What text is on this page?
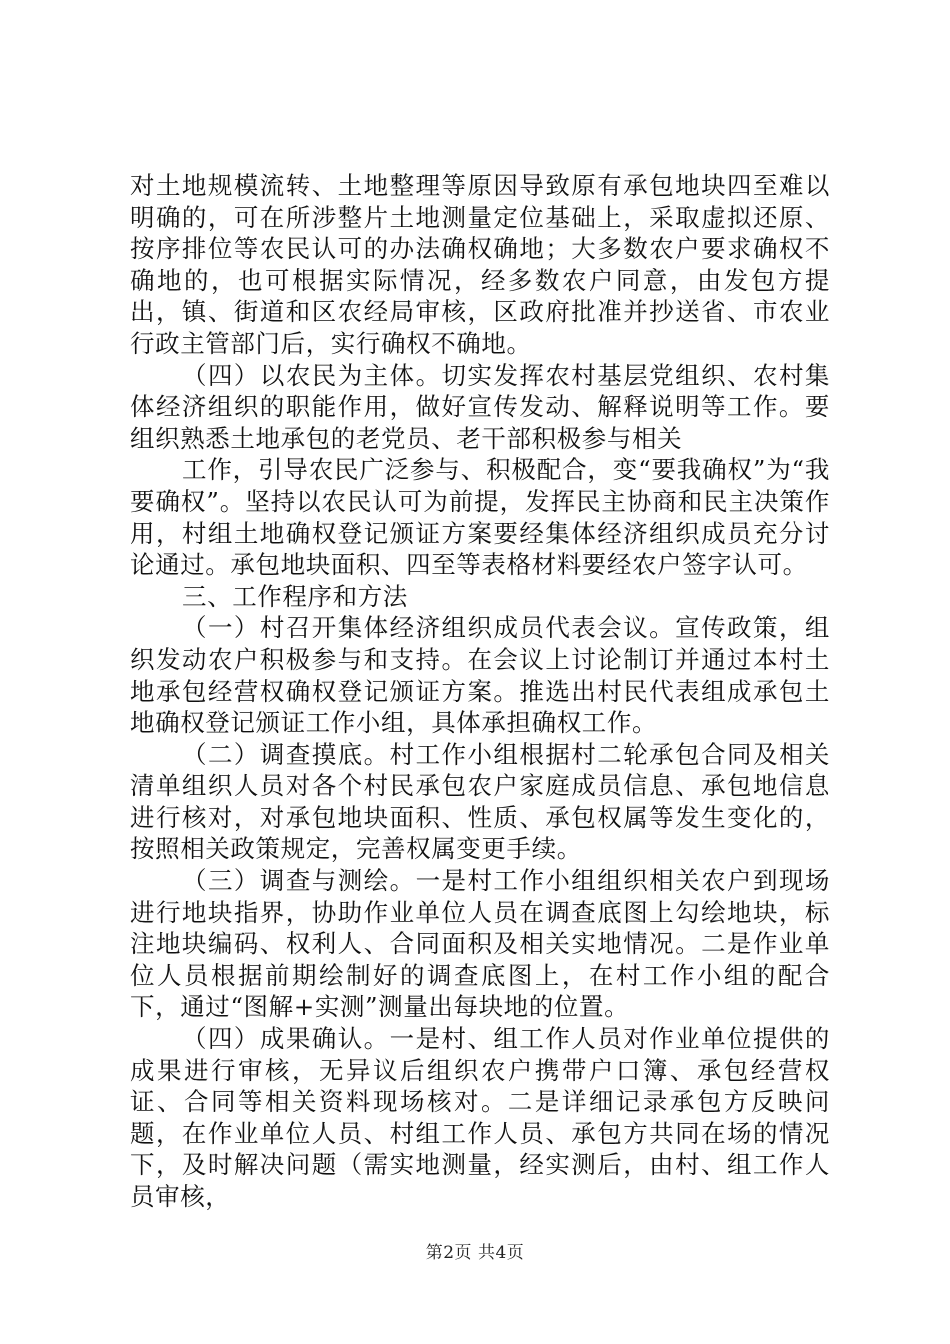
对土地规模流转、土地整理等原因导致原有承包地块四至难以明确的，可在所涉整片土地测量定位基础上，采取虚拟还原、按序排位等农民认可的办法确权确地；大多数农户要求确权不确地的，也可根据实际情况，经多数农户同意，由发包方提出，镇、街道和区农经局审核，区政府批准并抄送省、市农业行政主管部门后，实行确权不确地。

（四）以农民为主体。切实发挥农村基层党组织、农村集体经济组织的职能作用，做好宣传发动、解释说明等工作。要组织熟悉土地承包的老党员、老干部积极参与相关

工作，引导农民广泛参与、积极配合，变“要我确权”为“我要确权”。坚持以农民认可为前提，发挥民主协商和民主决策作用，村组土地确权登记颁证方案要经集体经济组织成员充分讨论通过。承包地块面积、四至等表格材料要经农户签字认可。

三、工作程序和方法

（一）村召开集体经济组织成员代表会议。宣传政策，组织发动农户积极参与和支持。在会议上讨论制订并通过本村土地承包经营权确权登记颁证方案。推选出村民代表组成承包土地确权登记颁证工作小组，具体承担确权工作。

（二）调查摸底。村工作小组根据村二轮承包合同及相关清单组织人员对各个村民承包农户家庭成员信息、承包地信息进行核对，对承包地块面积、性质、承包权属等发生变化的，按照相关政策规定，完善权属变更手续。

（三）调查与测绘。一是村工作小组组织相关农户到现场进行地块指界，协助作业单位人员在调查底图上勾绘地块，标注地块编码、权利人、合同面积及相关实地情况。二是作业单位人员根据前期绘制好的调查底图上，在村工作小组的配合下，通过“图解+实测”测量出每块地的位置。

（四）成果确认。一是村、组工作人员对作业单位提供的成果进行审核，无异议后组织农户携带户口簿、承包经营权证、合同等相关资料现场核对。二是详细记录承包方反映问题，在作业单位人员、村组工作人员、承包方共同在场的情况下，及时解决问题（需实地测量，经实测后，由村、组工作人员审核，

第2页 共4页
